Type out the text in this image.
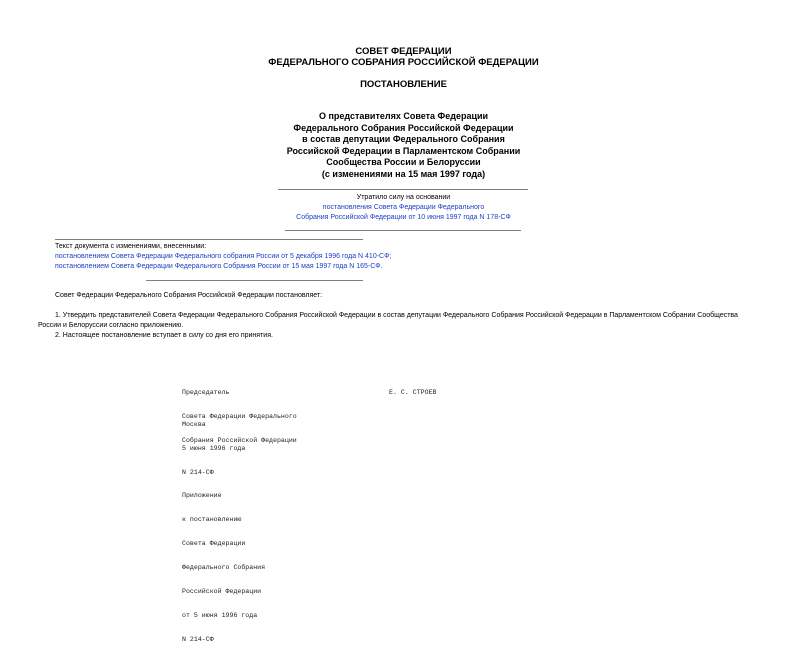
СОВЕТ ФЕДЕРАЦИИ
ФЕДЕРАЛЬНОГО СОБРАНИЯ РОССИЙСКОЙ ФЕДЕРАЦИИ
ПОСТАНОВЛЕНИЕ
О представителях Совета Федерации
Федерального Собрания Российской Федерации
в состав депутации Федерального Собрания
Российской Федерации в Парламентском Собрании
Сообщества России и Белоруссии
(с изменениями на 15 мая 1997 года)
Утратило силу на основании
постановления Совета Федерации Федерального
Собрания Российской Федерации от 10 июня 1997 года N 178-СФ
Текст документа с изменениями, внесенными:
постановлением Совета Федерации Федерального собрания России от 5 декабря 1996 года N 410-СФ;
постановлением Совета Федерации Федерального Собрания России от 15 мая 1997 года N 165-СФ.
Совет Федерации Федерального Собрания Российской Федерации постановляет:
1. Утвердить представителей Совета Федерации Федерального Собрания Российской Федерации в состав депутации Федерального Собрания Российской Федерации в Парламентском Собрании Сообщества
России и Белоруссии согласно приложению.
2. Настоящее постановление вступает в силу со дня его принятия.

Председатель

Совета Федерации Федерального

Собрания Российской Федерации

Е. С. СТРОЕВ

Москва

5 июня 1996 года

N 214-СФ

Приложение

к постановлению

Совета Федерации

Федерального Собрания

Российской Федерации

от 5 июня 1996 года

N 214-СФ
